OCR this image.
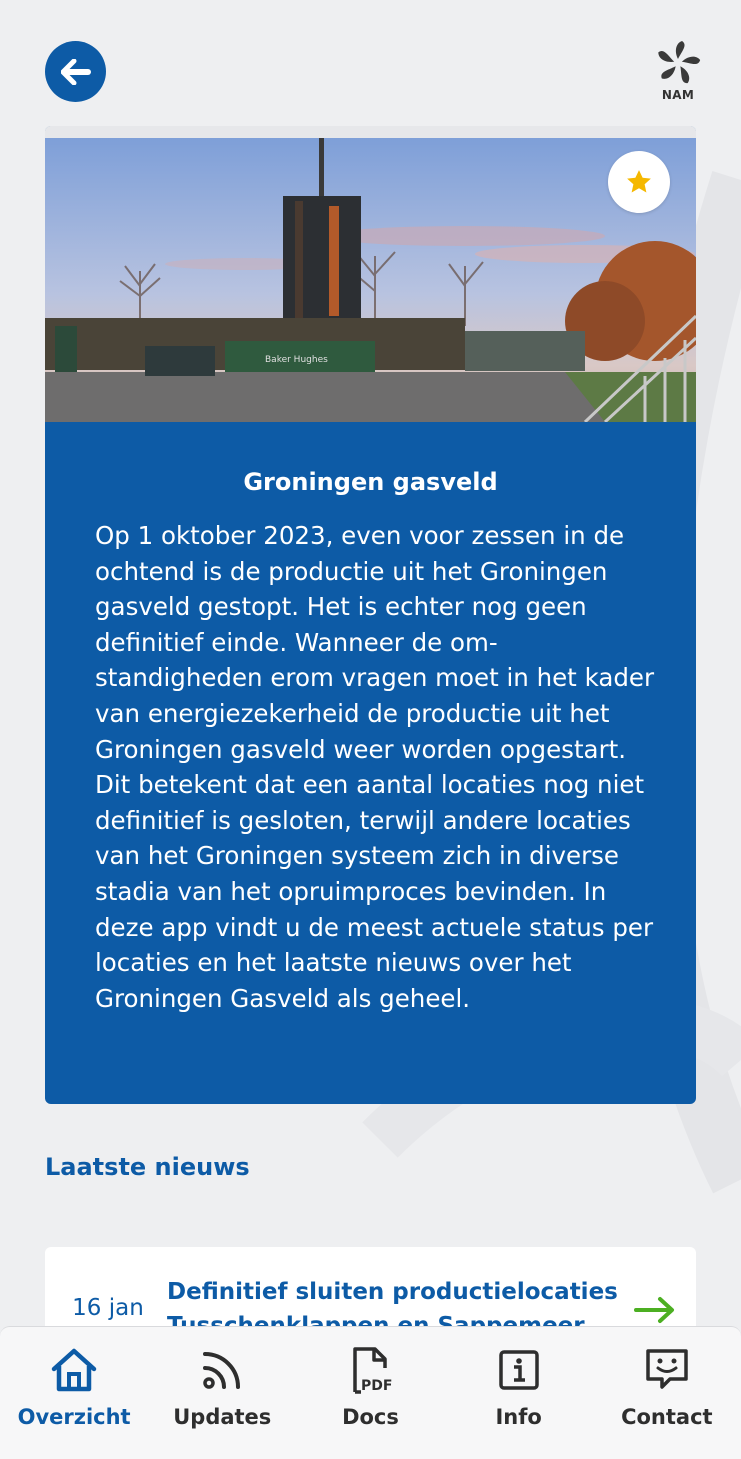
NAM
Baker Hughes
Groningen gasveld
Op 1 oktober 2023, even voor zessen in de ochtend is de productie uit het Groningen gasveld gestopt. Het is echter nog geen definitief einde. Wanneer de omstandigheden erom vragen moet in het kader van energiezekerheid de productie uit het Groningen gasveld weer worden opgestart. Dit betekent dat een aantal locaties nog niet definitief is gesloten, terwijl andere locaties van het Groningen systeem zich in diverse stadia van het opruimproces bevinden. In deze app vindt u de meest actuele status per locaties en het laatste nieuws over het Groningen Gasveld als geheel.
Laatste nieuws
16 jan
Definitief sluiten productielocaties
Overzicht Updates
PDF
Docs	Info	Contact
